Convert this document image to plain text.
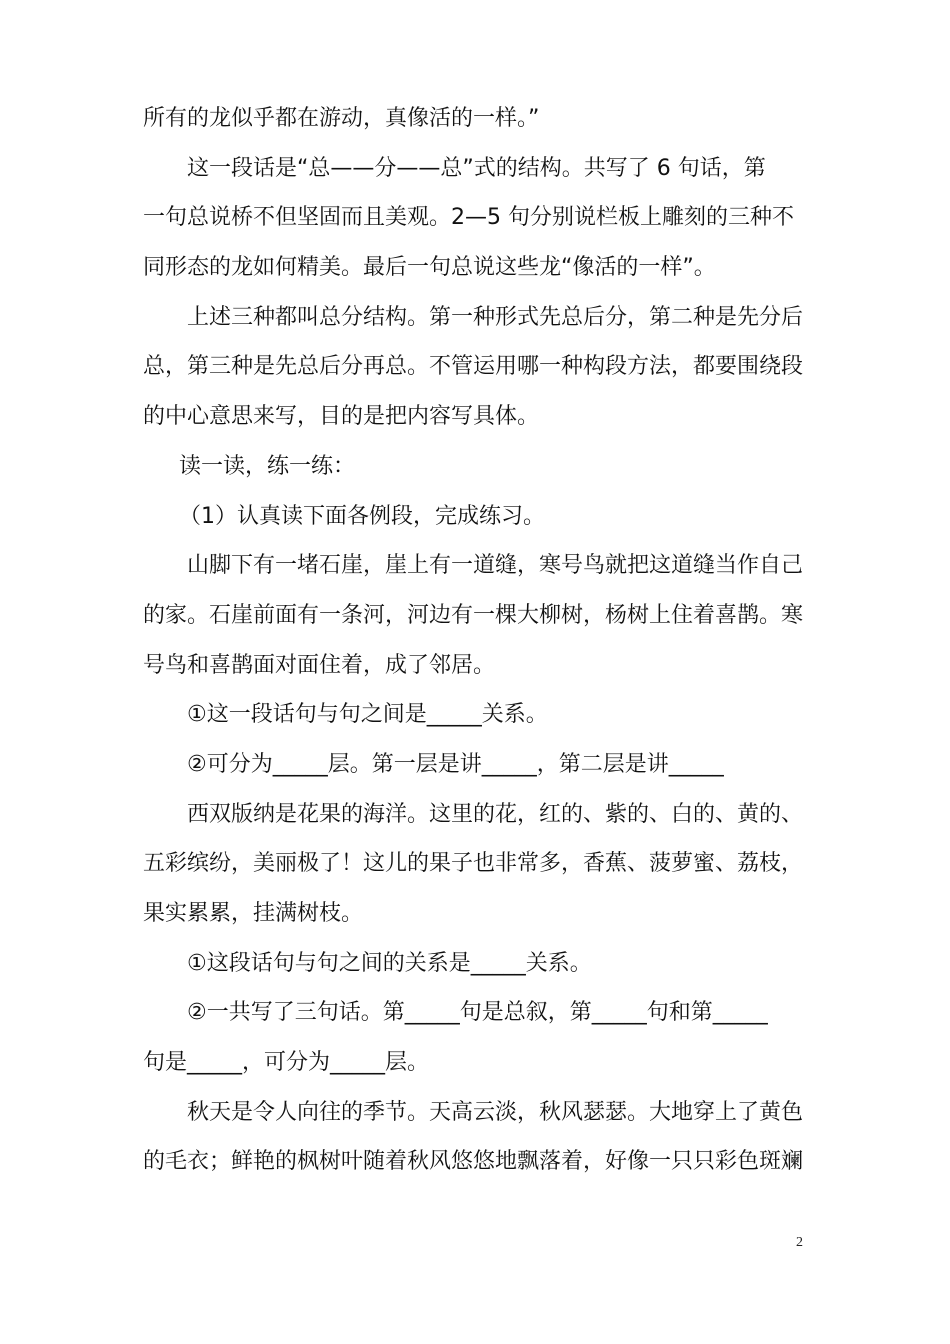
所有的龙似乎都在游动，真像活的一样。”
这一段话是“总——分——总”式的结构。共写了 6 句话，第
一句总说桥不但坚固而且美观。2—5 句分别说栏板上雕刻的三种不
同形态的龙如何精美。最后一句总说这些龙“像活的一样”。
上述三种都叫总分结构。第一种形式先总后分，第二种是先分后
总，第三种是先总后分再总。不管运用哪一种构段方法，都要围绕段
的中心意思来写，目的是把内容写具体。
读一读，练一练：
（1）认真读下面各例段，完成练习。
山脚下有一堵石崖，崖上有一道缝，寒号鸟就把这道缝当作自己
的家。石崖前面有一条河，河边有一棵大柳树，杨树上住着喜鹊。寒
号鸟和喜鹊面对面住着，成了邻居。
①这一段话句与句之间是_____关系。
②可分为_____层。第一层是讲_____，第二层是讲_____
西双版纳是花果的海洋。这里的花，红的、紫的、白的、黄的、
五彩缤纷，美丽极了！这儿的果子也非常多，香蕉、菠萝蜜、荔枝，
果实累累，挂满树枝。
①这段话句与句之间的关系是_____关系。
②一共写了三句话。第_____句是总叙，第_____句和第_____
句是_____，可分为_____层。
秋天是令人向往的季节。天高云淡，秋风瑟瑟。大地穿上了黄色
的毛衣；鲜艳的枫树叶随着秋风悠悠地飘落着，好像一只只彩色斑斓
2
